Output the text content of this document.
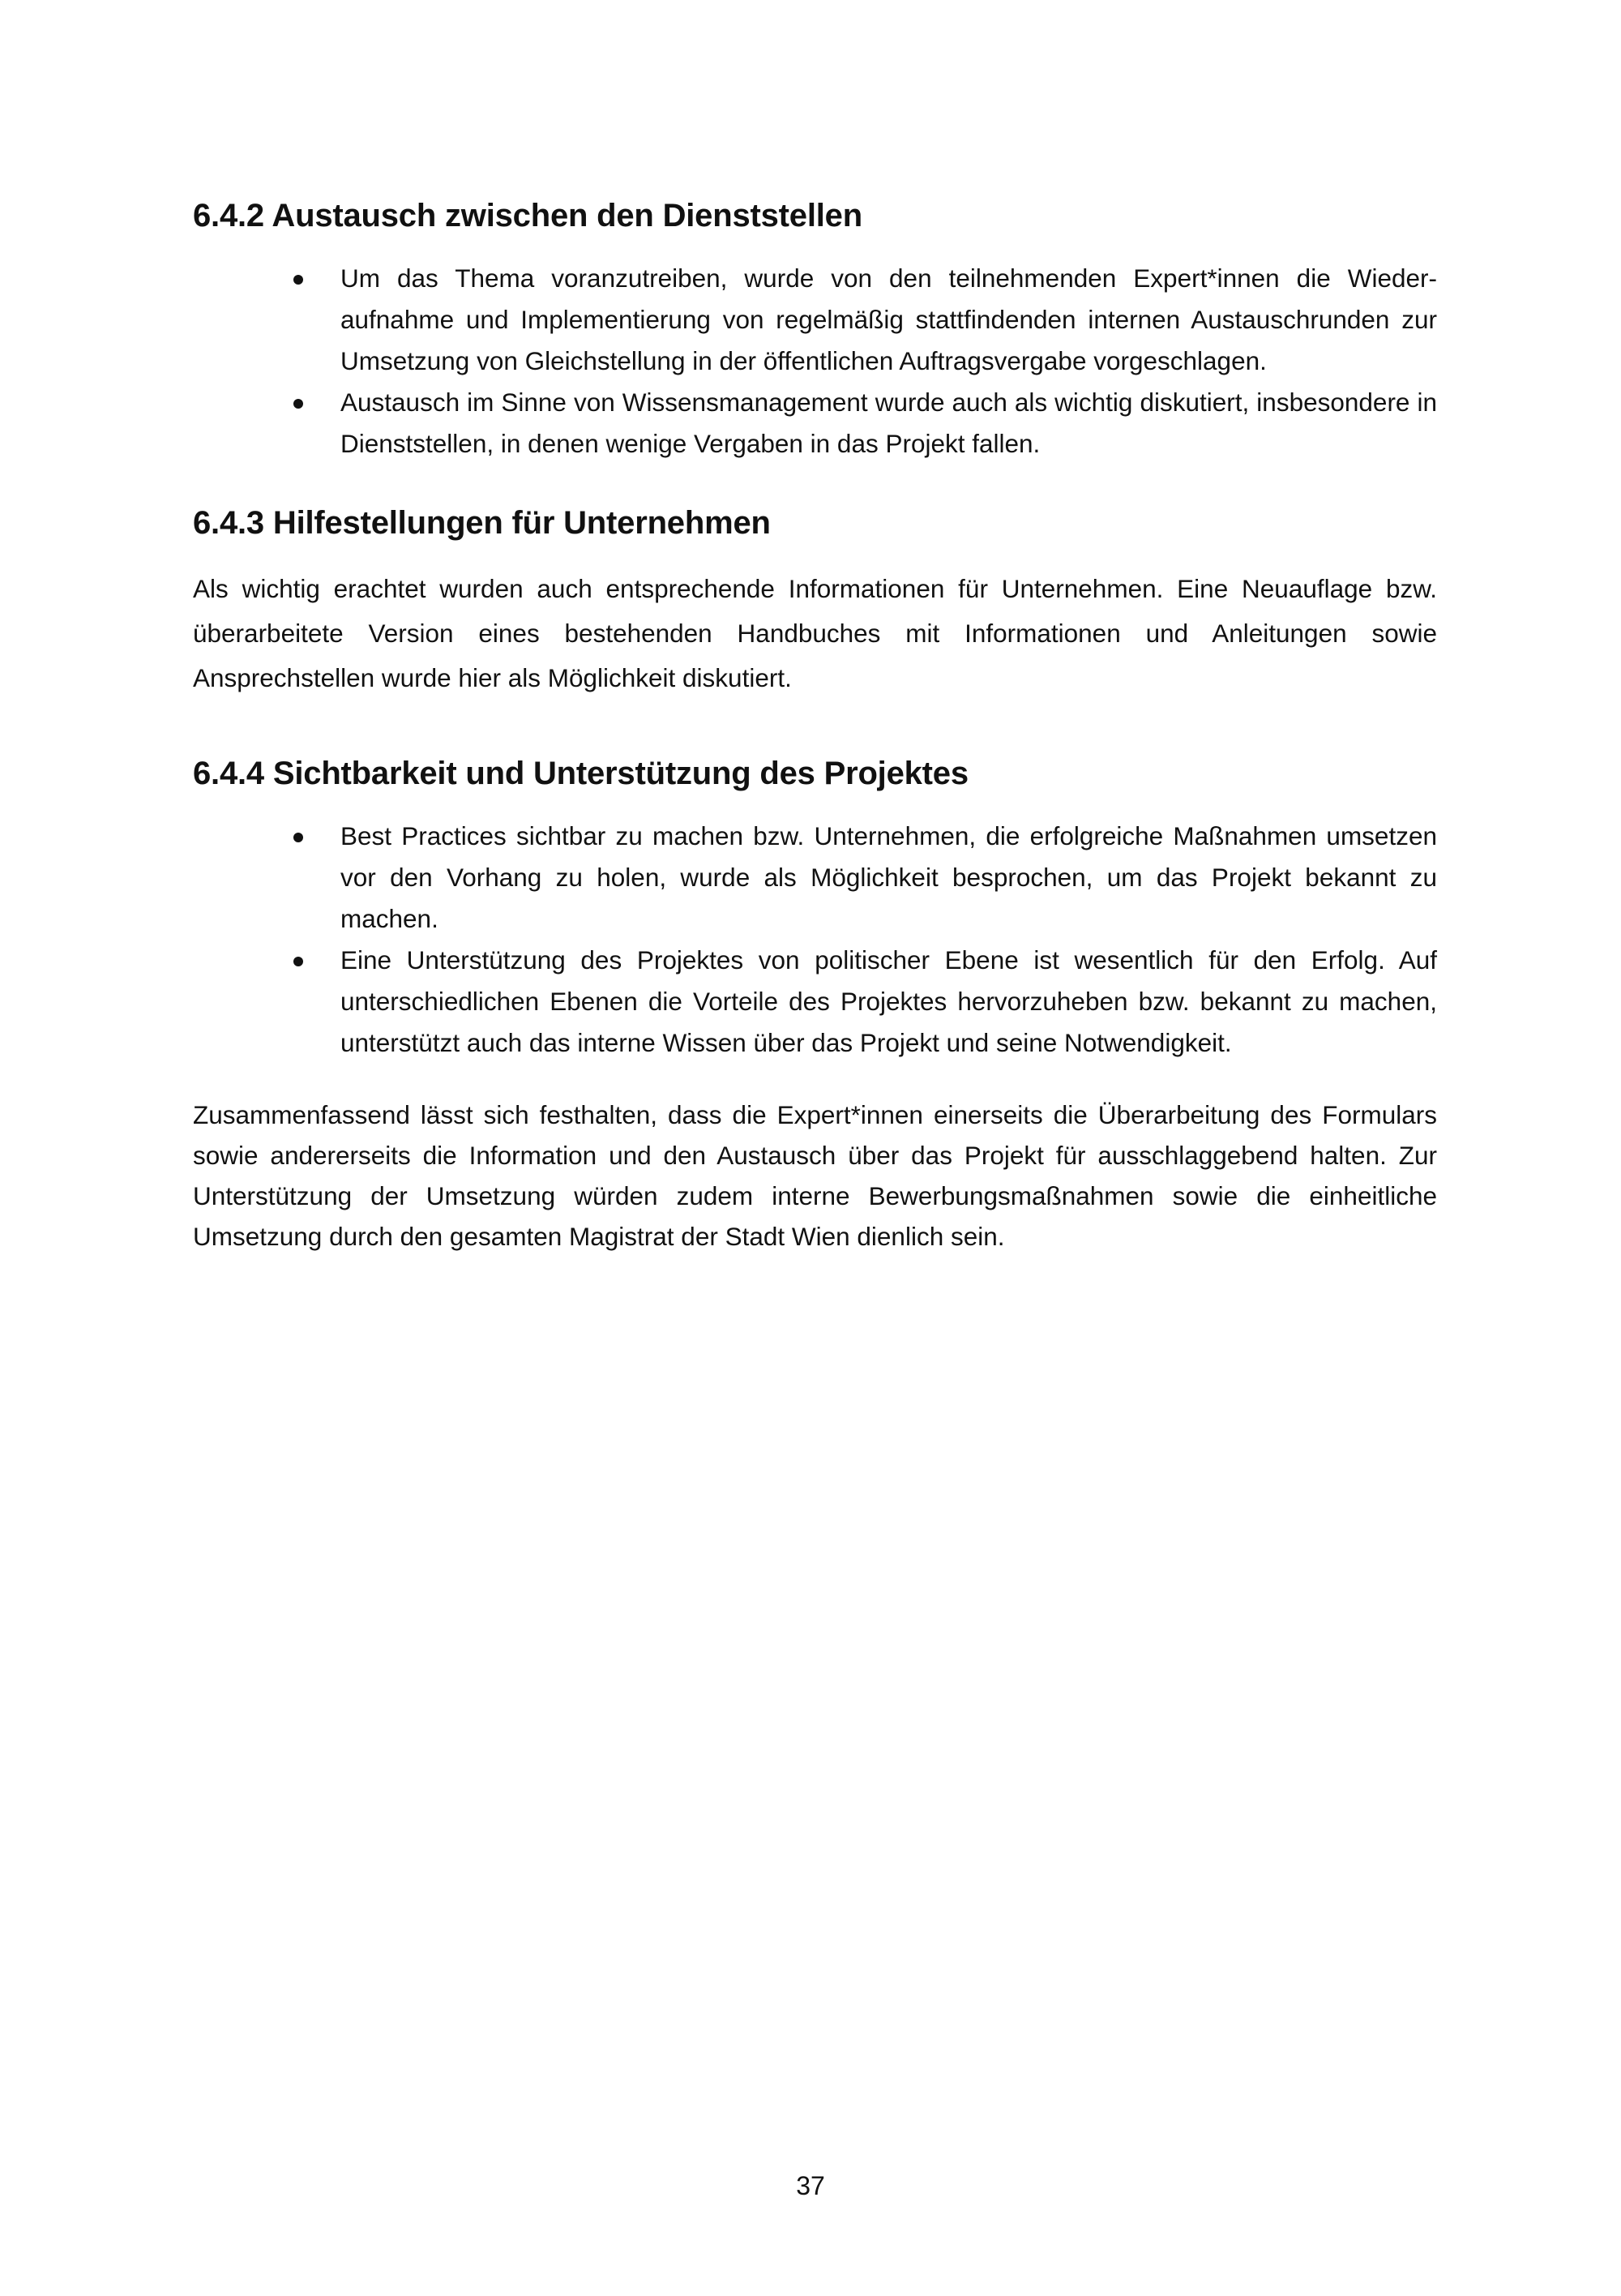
6.4.2 Austausch zwischen den Dienststellen
Um das Thema voranzutreiben, wurde von den teilnehmenden Expert*innen die Wiederaufnahme und Implementierung von regelmäßig stattfindenden internen Austauschrunden zur Umsetzung von Gleichstellung in der öffentlichen Auftragsvergabe vorgeschlagen.
Austausch im Sinne von Wissensmanagement wurde auch als wichtig diskutiert, insbesondere in Dienststellen, in denen wenige Vergaben in das Projekt fallen.
6.4.3 Hilfestellungen für Unternehmen

Als wichtig erachtet wurden auch entsprechende Informationen für Unternehmen. Eine Neuauflage bzw. überarbeitete Version eines bestehenden Handbuches mit Informationen und Anleitungen sowie Ansprechstellen wurde hier als Möglichkeit diskutiert.

6.4.4 Sichtbarkeit und Unterstützung des Projektes
Best Practices sichtbar zu machen bzw. Unternehmen, die erfolgreiche Maßnahmen umsetzen vor den Vorhang zu holen, wurde als Möglichkeit besprochen, um das Projekt bekannt zu machen.
Eine Unterstützung des Projektes von politischer Ebene ist wesentlich für den Erfolg. Auf unterschiedlichen Ebenen die Vorteile des Projektes hervorzuheben bzw. bekannt zu machen, unterstützt auch das interne Wissen über das Projekt und seine Notwendigkeit.

Zusammenfassend lässt sich festhalten, dass die Expert*innen einerseits die Überarbeitung des Formulars sowie andererseits die Information und den Austausch über das Projekt für ausschlaggebend halten. Zur Unterstützung der Umsetzung würden zudem interne Bewerbungsmaßnahmen sowie die einheitliche Umsetzung durch den gesamten Magistrat der Stadt Wien dienlich sein.

37
